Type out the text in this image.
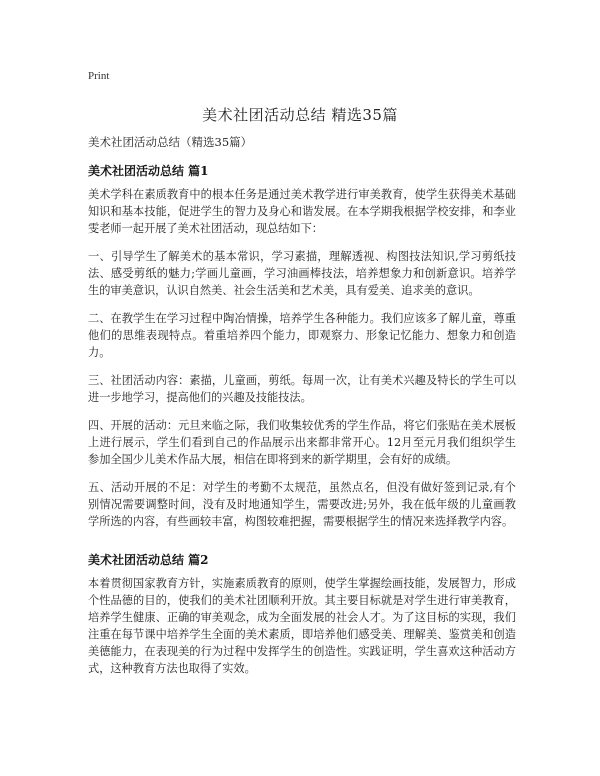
Print
美术社团活动总结 精选35篇
美术社团活动总结（精选35篇）
美术社团活动总结 篇1

美术学科在素质教育中的根本任务是通过美术教学进行审美教育，使学生获得美术基础知识和基本技能，促进学生的智力及身心和谐发展。在本学期我根据学校安排，和李业雯老师一起开展了美术社团活动，现总结如下：

一、引导学生了解美术的基本常识，学习素描，理解透视、构图技法知识,学习剪纸技法、感受剪纸的魅力;学画儿童画，学习油画棒技法，培养想象力和创新意识。培养学生的审美意识，认识自然美、社会生活美和艺术美，具有爱美、追求美的意识。

二、在教学生在学习过程中陶冶情操，培养学生各种能力。我们应该多了解儿童，尊重他们的思维表现特点。着重培养四个能力，即观察力、形象记忆能力、想象力和创造力。

三、社团活动内容：素描，儿童画，剪纸。每周一次，让有美术兴趣及特长的学生可以进一步地学习，提高他们的兴趣及技能技法。

四、开展的活动：元旦来临之际，我们收集较优秀的学生作品，将它们张贴在美术展板上进行展示，学生们看到自己的作品展示出来都非常开心。12月至元月我们组织学生参加全国少儿美术作品大展，相信在即将到来的新学期里，会有好的成绩。

五、活动开展的不足：对学生的考勤不太规范，虽然点名，但没有做好签到记录,有个别情况需要调整时间，没有及时地通知学生，需要改进;另外，我在低年级的儿童画教学所选的内容，有些画较丰富，构图较难把握，需要根据学生的情况来选择教学内容。

美术社团活动总结 篇2

本着贯彻国家教育方针，实施素质教育的原则，使学生掌握绘画技能，发展智力，形成个性品德的目的，使我们的美术社团顺利开放。其主要目标就是对学生进行审美教育，培养学生健康、正确的审美观念，成为全面发展的社会人才。为了这目标的实现，我们注重在每节课中培养学生全面的美术素质，即培养他们感受美、理解美、鉴赏美和创造美德能力，在表现美的行为过程中发挥学生的创造性。实践证明，学生喜欢这种活动方式，这种教育方法也取得了实效。
